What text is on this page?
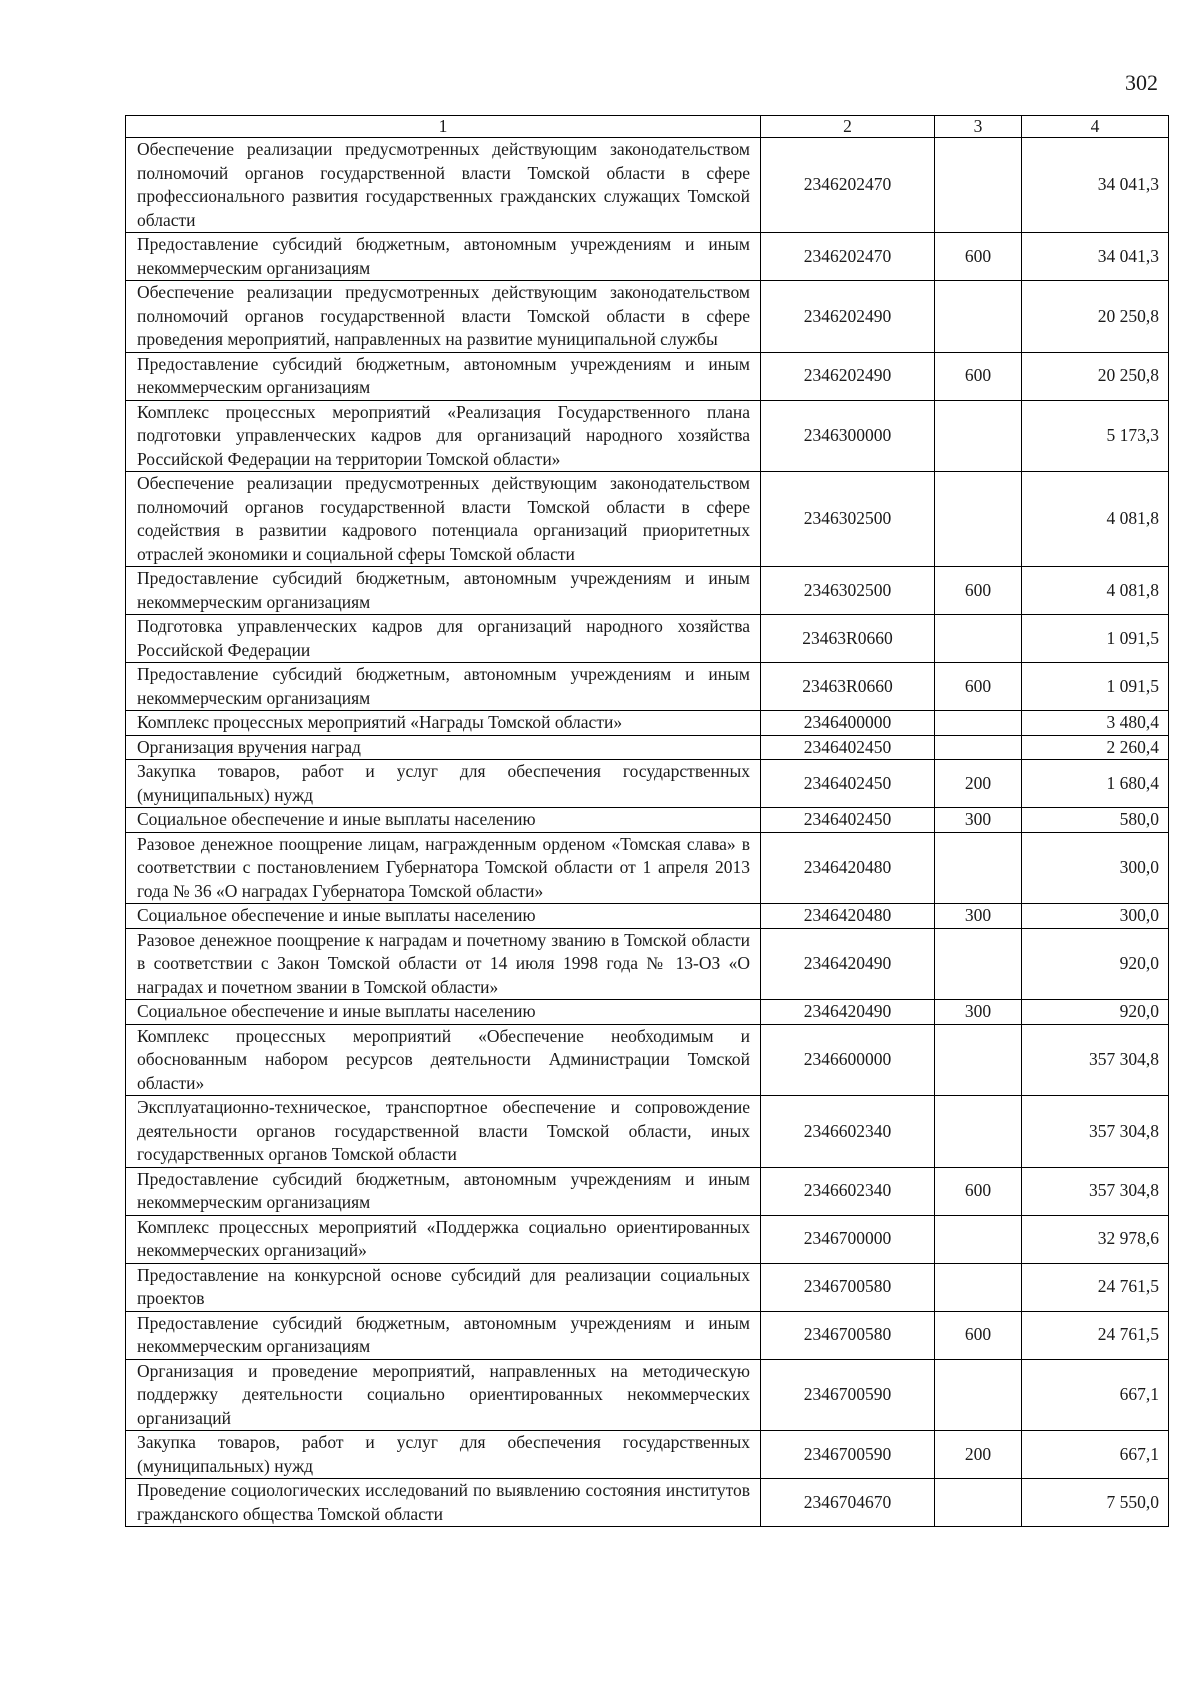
302
1	2	3	4
Обеспечение реализации предусмотренных действующим законодательством полномочий органов государственной власти Томской области в сфере профессионального развития государственных гражданских служащих Томской области	2346202470		34 041,3
Предоставление субсидий бюджетным, автономным учреждениям и иным некоммерческим организациям	2346202470	600	34 041,3
Обеспечение реализации предусмотренных действующим законодательством полномочий органов государственной власти Томской области в сфере проведения мероприятий, направленных на развитие муниципальной службы	2346202490		20 250,8
Предоставление субсидий бюджетным, автономным учреждениям и иным некоммерческим организациям	2346202490	600	20 250,8
Комплекс процессных мероприятий «Реализация Государственного плана подготовки управленческих кадров для организаций народного хозяйства Российской Федерации на территории Томской области»	2346300000		5 173,3
Обеспечение реализации предусмотренных действующим законодательством полномочий органов государственной власти Томской области в сфере содействия в развитии кадрового потенциала организаций приоритетных отраслей экономики и социальной сферы Томской области	2346302500		4 081,8
Предоставление субсидий бюджетным, автономным учреждениям и иным некоммерческим организациям	2346302500	600	4 081,8
Подготовка управленческих кадров для организаций народного хозяйства Российской Федерации	23463R0660		1 091,5
Предоставление субсидий бюджетным, автономным учреждениям и иным некоммерческим организациям	23463R0660	600	1 091,5
Комплекс процессных мероприятий «Награды Томской области»	2346400000		3 480,4
Организация вручения наград	2346402450		2 260,4
Закупка товаров, работ и услуг для обеспечения государственных (муниципальных) нужд	2346402450	200	1 680,4
Социальное обеспечение и иные выплаты населению	2346402450	300	580,0
Разовое денежное поощрение лицам, награжденным орденом «Томская слава» в соответствии с постановлением Губернатора Томской области от 1 апреля 2013 года № 36 «О наградах Губернатора Томской области»	2346420480		300,0
Социальное обеспечение и иные выплаты населению	2346420480	300	300,0
Разовое денежное поощрение к наградам и почетному званию в Томской области в соответствии с Закон Томской области от 14 июля 1998 года № 13-ОЗ «О наградах и почетном звании в Томской области»	2346420490		920,0
Социальное обеспечение и иные выплаты населению	2346420490	300	920,0
Комплекс процессных мероприятий «Обеспечение необходимым и обоснованным набором ресурсов деятельности Администрации Томской области»	2346600000		357 304,8
Эксплуатационно-техническое, транспортное обеспечение и сопровождение деятельности органов государственной власти Томской области, иных государственных органов Томской области	2346602340		357 304,8
Предоставление субсидий бюджетным, автономным учреждениям и иным некоммерческим организациям	2346602340	600	357 304,8
Комплекс процессных мероприятий «Поддержка социально ориентированных некоммерческих организаций»	2346700000		32 978,6
Предоставление на конкурсной основе субсидий для реализации социальных проектов	2346700580		24 761,5
Предоставление субсидий бюджетным, автономным учреждениям и иным некоммерческим организациям	2346700580	600	24 761,5
Организация и проведение мероприятий, направленных на методическую поддержку деятельности социально ориентированных некоммерческих организаций	2346700590		667,1
Закупка товаров, работ и услуг для обеспечения государственных (муниципальных) нужд	2346700590	200	667,1
Проведение социологических исследований по выявлению состояния институтов гражданского общества Томской области	2346704670		7 550,0
